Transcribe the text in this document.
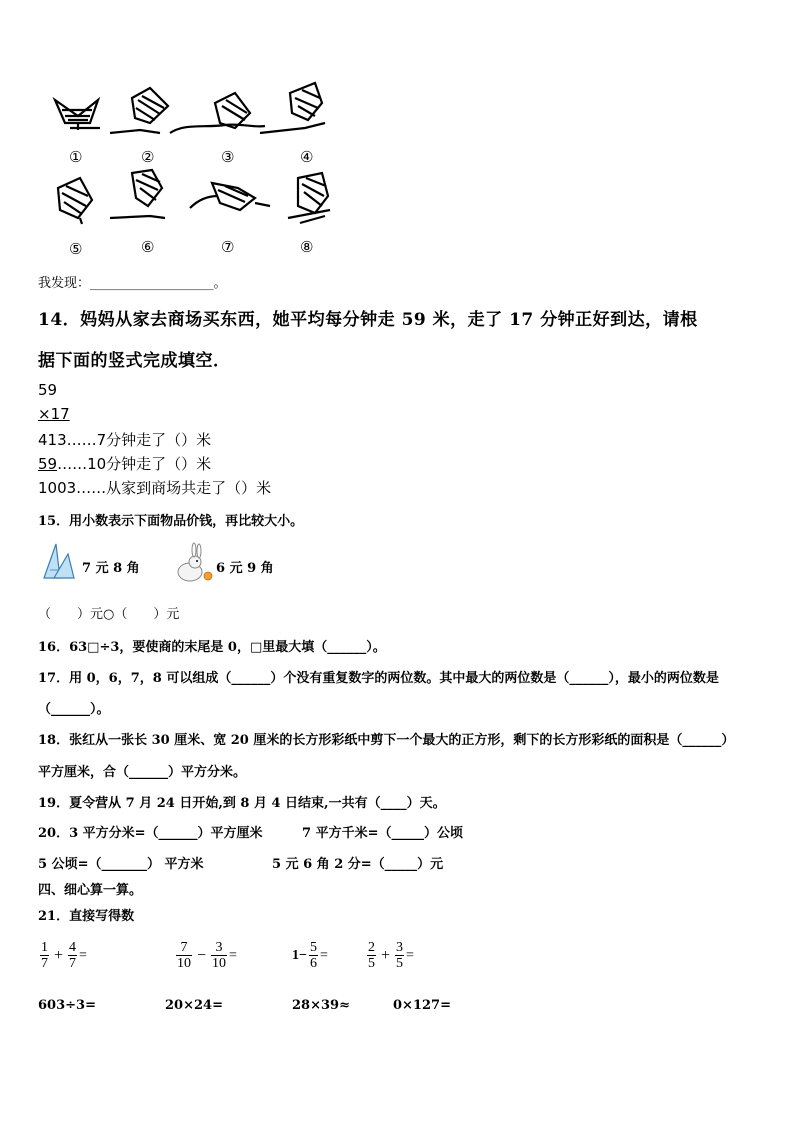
①	②	③	④
⑤	⑥	⑦	⑧
我发现：___________________。
14．妈妈从家去商场买东西，她平均每分钟走 59 米，走了 17 分钟正好到达，请根
据下面的竖式完成填空．
59
×17
413……7分钟走了（）米
59……10分钟走了（）米
1003……从家到商场共走了（）米
15．用小数表示下面物品价钱，再比较大小。
7 元 8 角	6 元 9 角
（　　）元○（　　）元
16．63□÷3，要使商的末尾是 0，□里最大填（______）。
17．用 0，6，7，8 可以组成（______）个没有重复数字的两位数。其中最大的两位数是（______），最小的两位数是
（______）。
18．张红从一张长 30 厘米、宽 20 厘米的长方形彩纸中剪下一个最大的正方形，剩下的长方形彩纸的面积是（______）
平方厘米，合（______）平方分米。
19．夏令营从 7 月 24 日开始,到 8 月 4 日结束,一共有（____）天。
20．3 平方分米=（______）平方厘米	7 平方千米=（_____）公顷
5 公顷=（_______） 平方米	5 元 6 角 2 分=（_____）元
四、细心算一算。
21．直接写得数
$\frac{1}{7} + \frac{4}{7}$ =	$\frac{7}{10} - \frac{3}{10}$ =	$1- \frac{5}{6}$ =	$\frac{2}{5} + \frac{3}{5}$ =
603÷3=	20×24=	28×39≈	0×127=
